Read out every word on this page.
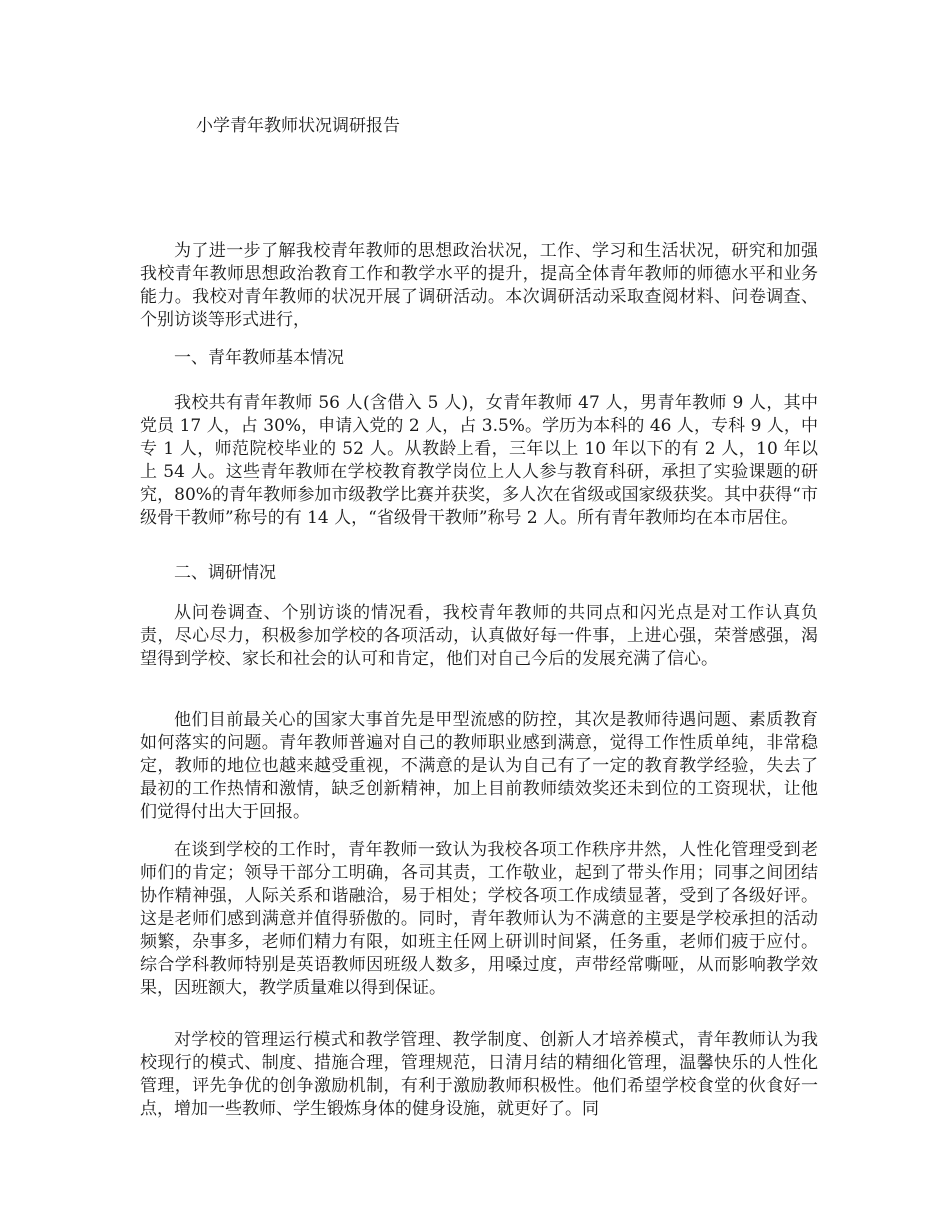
小学青年教师状况调研报告

为了进一步了解我校青年教师的思想政治状况，工作、学习和生活状况，研究和加强我校青年教师思想政治教育工作和教学水平的提升，提高全体青年教师的师德水平和业务能力。我校对青年教师的状况开展了调研活动。本次调研活动采取查阅材料、问卷调查、个别访谈等形式进行，

一、青年教师基本情况

我校共有青年教师 56 人(含借入 5 人)，女青年教师 47 人，男青年教师 9 人，其中党员 17 人，占 30%，申请入党的 2 人，占 3.5%。学历为本科的 46 人，专科 9 人，中专 1 人，师范院校毕业的 52 人。从教龄上看，三年以上 10 年以下的有 2 人，10 年以上 54 人。这些青年教师在学校教育教学岗位上人人参与教育科研，承担了实验课题的研究，80%的青年教师参加市级教学比赛并获奖，多人次在省级或国家级获奖。其中获得“市级骨干教师”称号的有 14 人，“省级骨干教师”称号 2 人。所有青年教师均在本市居住。

二、调研情况

从问卷调查、个别访谈的情况看，我校青年教师的共同点和闪光点是对工作认真负责，尽心尽力，积极参加学校的各项活动，认真做好每一件事，上进心强，荣誉感强，渴望得到学校、家长和社会的认可和肯定，他们对自己今后的发展充满了信心。

他们目前最关心的国家大事首先是甲型流感的防控，其次是教师待遇问题、素质教育如何落实的问题。青年教师普遍对自己的教师职业感到满意，觉得工作性质单纯，非常稳定，教师的地位也越来越受重视，不满意的是认为自己有了一定的教育教学经验，失去了最初的工作热情和激情，缺乏创新精神，加上目前教师绩效奖还未到位的工资现状，让他们觉得付出大于回报。

在谈到学校的工作时，青年教师一致认为我校各项工作秩序井然，人性化管理受到老师们的肯定；领导干部分工明确，各司其责，工作敬业，起到了带头作用；同事之间团结协作精神强，人际关系和谐融洽，易于相处；学校各项工作成绩显著，受到了各级好评。这是老师们感到满意并值得骄傲的。同时，青年教师认为不满意的主要是学校承担的活动频繁，杂事多，老师们精力有限，如班主任网上研训时间紧，任务重，老师们疲于应付。综合学科教师特别是英语教师因班级人数多，用嗓过度，声带经常嘶哑，从而影响教学效果，因班额大，教学质量难以得到保证。

对学校的管理运行模式和教学管理、教学制度、创新人才培养模式，青年教师认为我校现行的模式、制度、措施合理，管理规范，日清月结的精细化管理，温馨快乐的人性化管理，评先争优的创争激励机制，有利于激励教师积极性。他们希望学校食堂的伙食好一点，增加一些教师、学生锻炼身体的健身设施，就更好了。同
